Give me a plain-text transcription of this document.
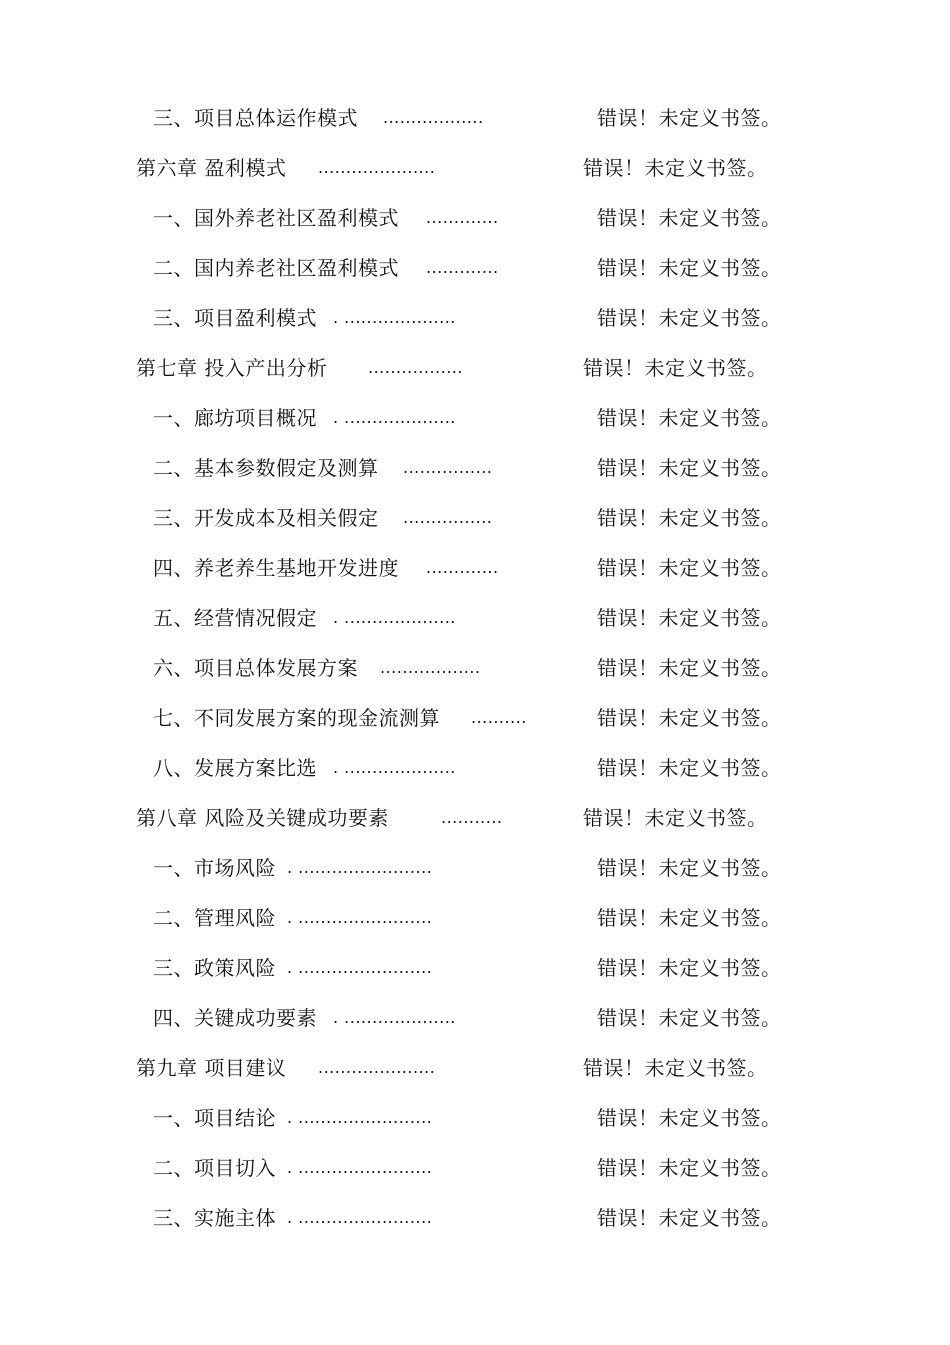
三、项目总体运作模式 ..................	错误！未定义书签。
第六章 盈利模式 .....................	错误！未定义书签。
一、国外养老社区盈利模式 .............	错误！未定义书签。
二、国内养老社区盈利模式 .............	错误！未定义书签。
三、项目盈利模式 . ....................	错误！未定义书签。
第七章 投入产出分析	.................	错误！未定义书签。
一、廊坊项目概况 . ....................	错误！未定义书签。
二、基本参数假定及测算 ................	错误！未定义书签。
三、开发成本及相关假定 ................	错误！未定义书签。
四、养老养生基地开发进度 .............	错误！未定义书签。
五、经营情况假定 . ....................	错误！未定义书签。
六、项目总体发展方案 ..................	错误！未定义书签。
七、不同发展方案的现金流测算 ..........	错误！未定义书签。
八、发展方案比选 . ....................	错误！未定义书签。
第八章 风险及关键成功要素	...........	错误！未定义书签。
一、市场风险 . ........................	错误！未定义书签。
二、管理风险 . ........................	错误！未定义书签。
三、政策风险 . ........................	错误！未定义书签。
四、关键成功要素 . ....................	错误！未定义书签。
第九章 项目建议 .....................	错误！未定义书签。
一、项目结论 . ........................	错误！未定义书签。
二、项目切入 . ........................	错误！未定义书签。
三、实施主体 . ........................	错误！未定义书签。
